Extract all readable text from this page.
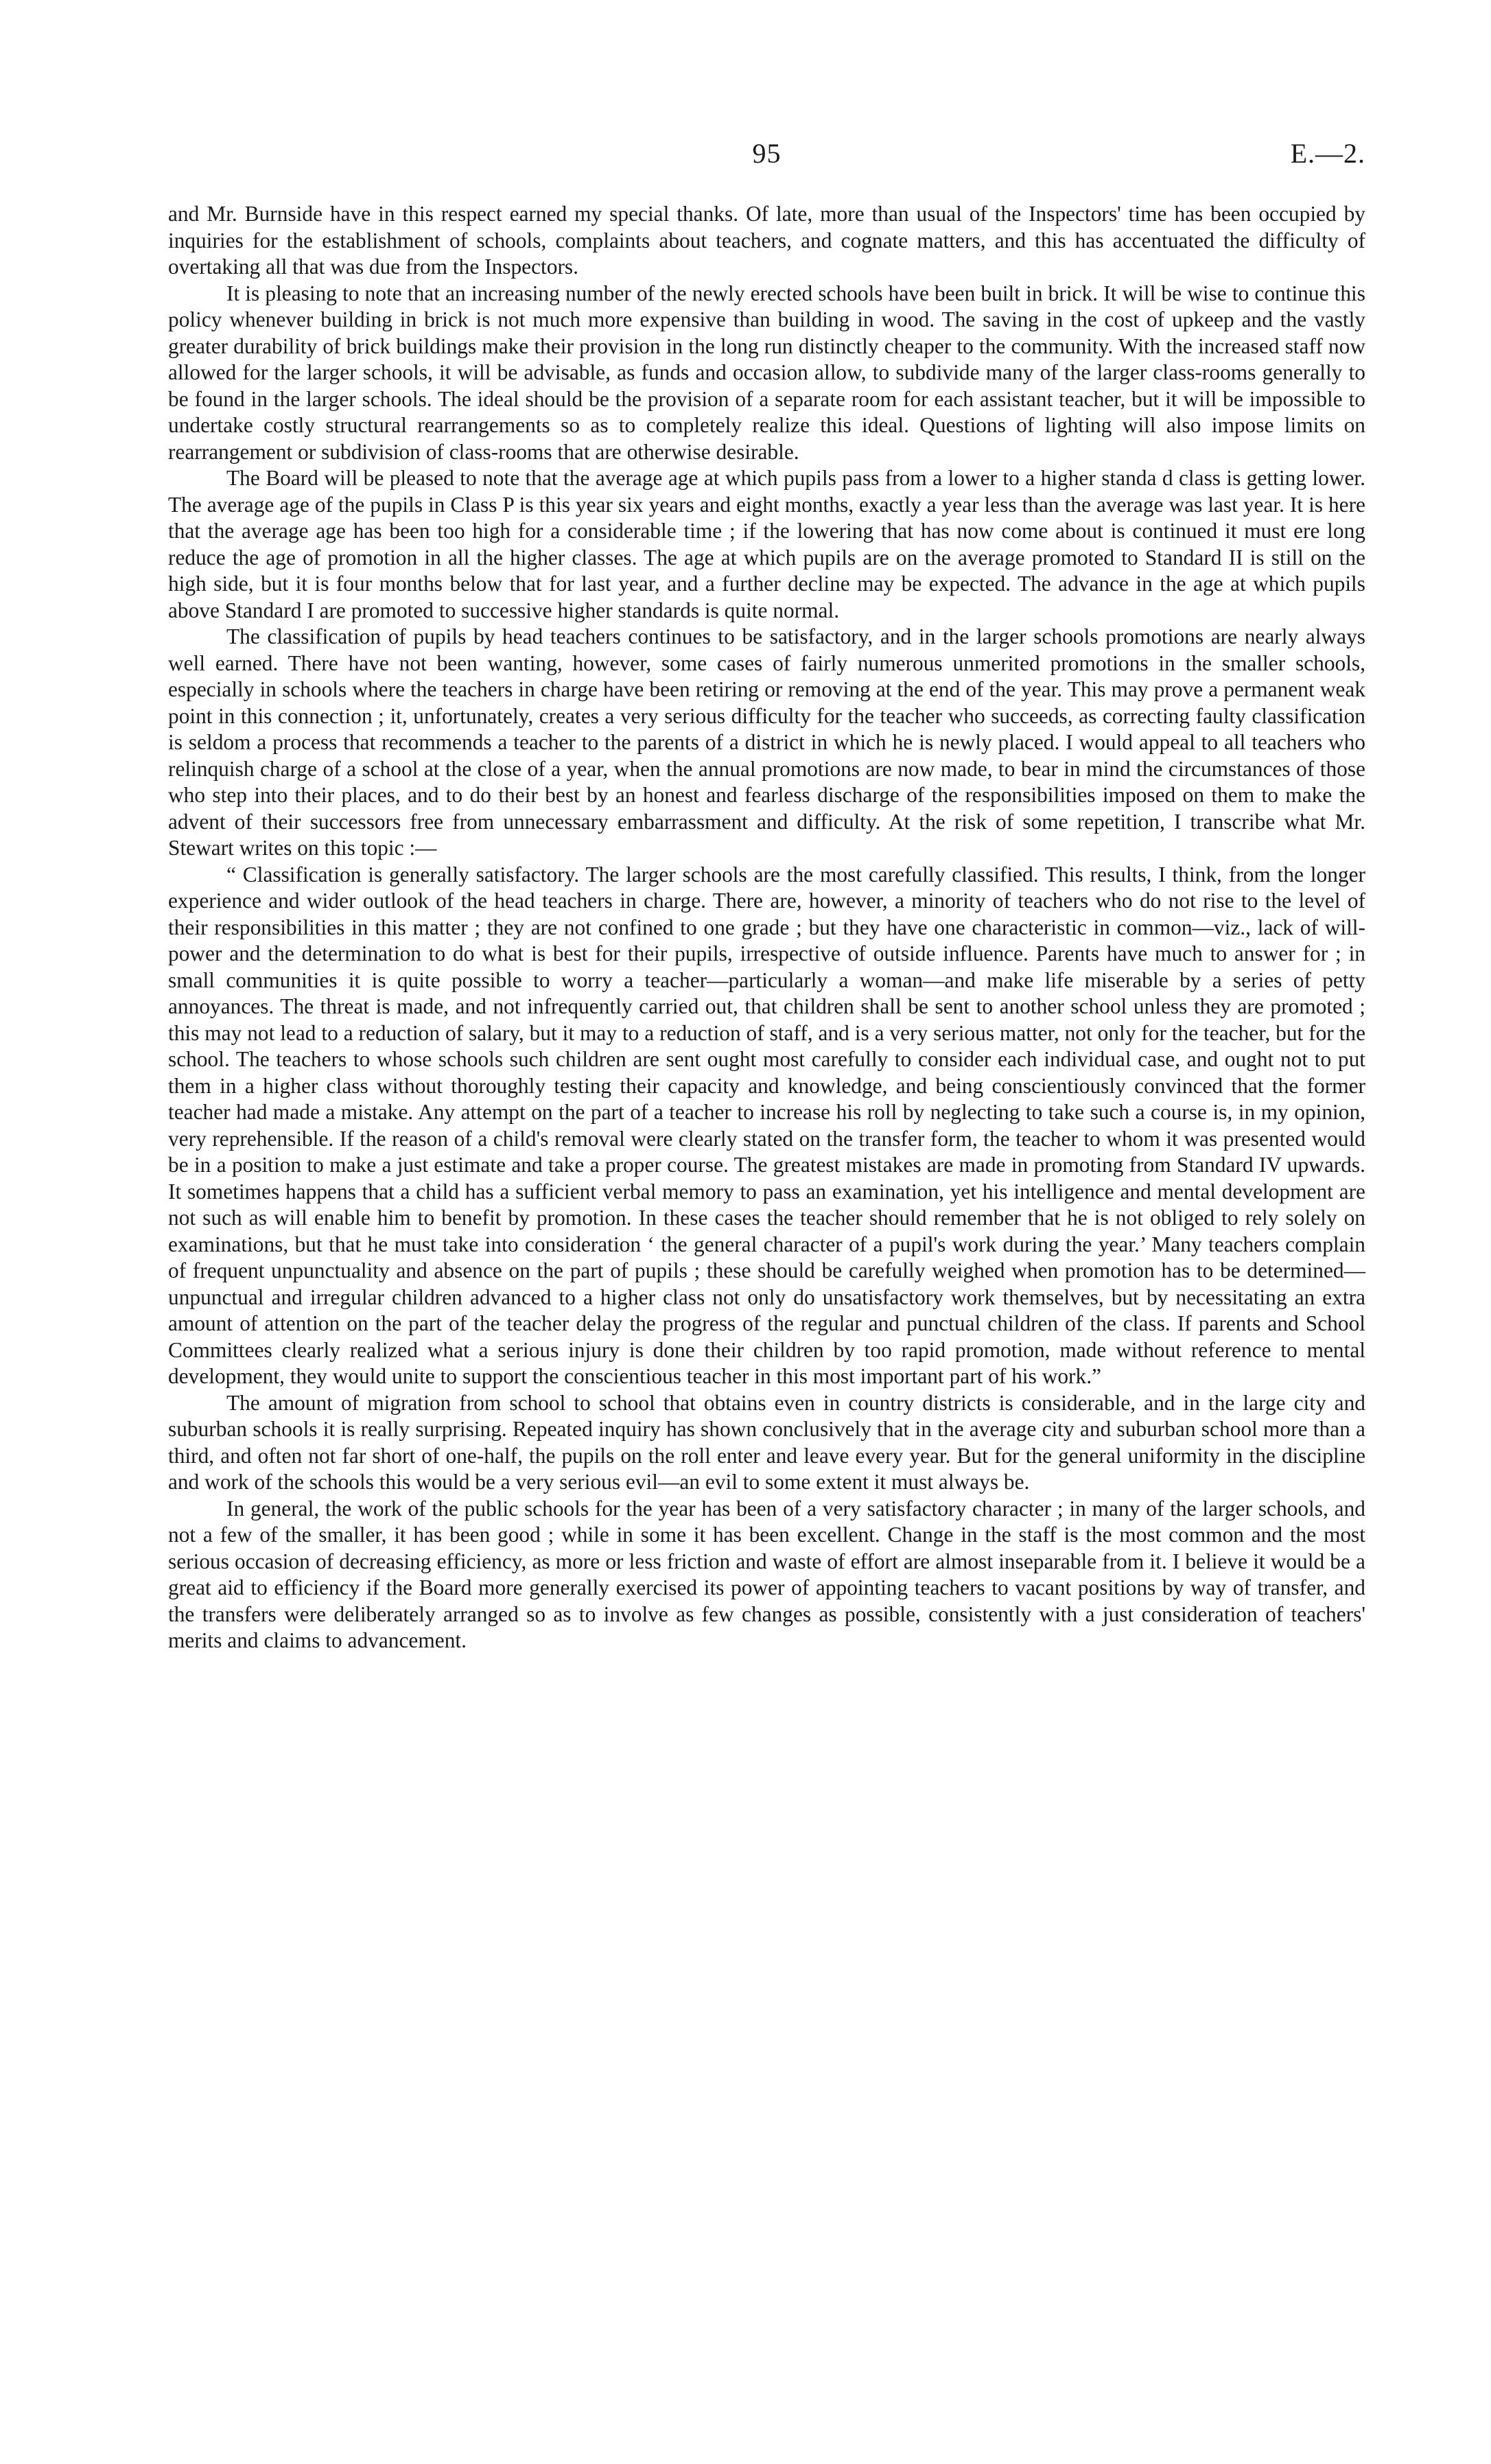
95	E.—2.

and Mr. Burnside have in this respect earned my special thanks. Of late, more than usual of the Inspectors' time has been occupied by inquiries for the establishment of schools, complaints about teachers, and cognate matters, and this has accentuated the difficulty of overtaking all that was due from the Inspectors.

It is pleasing to note that an increasing number of the newly erected schools have been built in brick. It will be wise to continue this policy whenever building in brick is not much more expensive than building in wood. The saving in the cost of upkeep and the vastly greater durability of brick buildings make their provision in the long run distinctly cheaper to the community. With the increased staff now allowed for the larger schools, it will be advisable, as funds and occasion allow, to subdivide many of the larger class-rooms generally to be found in the larger schools. The ideal should be the provision of a separate room for each assistant teacher, but it will be impossible to undertake costly structural rearrangements so as to completely realize this ideal. Questions of lighting will also impose limits on rearrangement or subdivision of class-rooms that are otherwise desirable.

The Board will be pleased to note that the average age at which pupils pass from a lower to a higher standa d class is getting lower. The average age of the pupils in Class P is this year six years and eight months, exactly a year less than the average was last year. It is here that the average age has been too high for a considerable time ; if the lowering that has now come about is continued it must ere long reduce the age of promotion in all the higher classes. The age at which pupils are on the average promoted to Standard II is still on the high side, but it is four months below that for last year, and a further decline may be expected. The advance in the age at which pupils above Standard I are promoted to successive higher standards is quite normal.

The classification of pupils by head teachers continues to be satisfactory, and in the larger schools promotions are nearly always well earned. There have not been wanting, however, some cases of fairly numerous unmerited promotions in the smaller schools, especially in schools where the teachers in charge have been retiring or removing at the end of the year. This may prove a permanent weak point in this connection ; it, unfortunately, creates a very serious difficulty for the teacher who succeeds, as correcting faulty classification is seldom a process that recommends a teacher to the parents of a district in which he is newly placed. I would appeal to all teachers who relinquish charge of a school at the close of a year, when the annual promotions are now made, to bear in mind the circumstances of those who step into their places, and to do their best by an honest and fearless discharge of the responsibilities imposed on them to make the advent of their successors free from unnecessary embarrassment and difficulty. At the risk of some repetition, I transcribe what Mr. Stewart writes on this topic :—

“ Classification is generally satisfactory. The larger schools are the most carefully classified. This results, I think, from the longer experience and wider outlook of the head teachers in charge. There are, however, a minority of teachers who do not rise to the level of their responsibilities in this matter ; they are not confined to one grade ; but they have one characteristic in common—viz., lack of will-power and the determination to do what is best for their pupils, irrespective of outside influence. Parents have much to answer for ; in small communities it is quite possible to worry a teacher—particularly a woman—and make life miserable by a series of petty annoyances. The threat is made, and not infrequently carried out, that children shall be sent to another school unless they are promoted ; this may not lead to a reduction of salary, but it may to a reduction of staff, and is a very serious matter, not only for the teacher, but for the school. The teachers to whose schools such children are sent ought most carefully to consider each individual case, and ought not to put them in a higher class without thoroughly testing their capacity and knowledge, and being conscientiously convinced that the former teacher had made a mistake. Any attempt on the part of a teacher to increase his roll by neglecting to take such a course is, in my opinion, very reprehensible. If the reason of a child's removal were clearly stated on the transfer form, the teacher to whom it was presented would be in a position to make a just estimate and take a proper course. The greatest mistakes are made in promoting from Standard IV upwards. It sometimes happens that a child has a sufficient verbal memory to pass an examination, yet his intelligence and mental development are not such as will enable him to benefit by promotion. In these cases the teacher should remember that he is not obliged to rely solely on examinations, but that he must take into consideration ‘ the general character of a pupil's work during the year.’ Many teachers complain of frequent unpunctuality and absence on the part of pupils ; these should be carefully weighed when promotion has to be determined—unpunctual and irregular children advanced to a higher class not only do unsatisfactory work themselves, but by necessitating an extra amount of attention on the part of the teacher delay the progress of the regular and punctual children of the class. If parents and School Committees clearly realized what a serious injury is done their children by too rapid promotion, made without reference to mental development, they would unite to support the conscientious teacher in this most important part of his work.”

The amount of migration from school to school that obtains even in country districts is considerable, and in the large city and suburban schools it is really surprising. Repeated inquiry has shown conclusively that in the average city and suburban school more than a third, and often not far short of one-half, the pupils on the roll enter and leave every year. But for the general uniformity in the discipline and work of the schools this would be a very serious evil—an evil to some extent it must always be.

In general, the work of the public schools for the year has been of a very satisfactory character ; in many of the larger schools, and not a few of the smaller, it has been good ; while in some it has been excellent. Change in the staff is the most common and the most serious occasion of decreasing efficiency, as more or less friction and waste of effort are almost inseparable from it. I believe it would be a great aid to efficiency if the Board more generally exercised its power of appointing teachers to vacant positions by way of transfer, and the transfers were deliberately arranged so as to involve as few changes as possible, consistently with a just consideration of teachers' merits and claims to advancement.
